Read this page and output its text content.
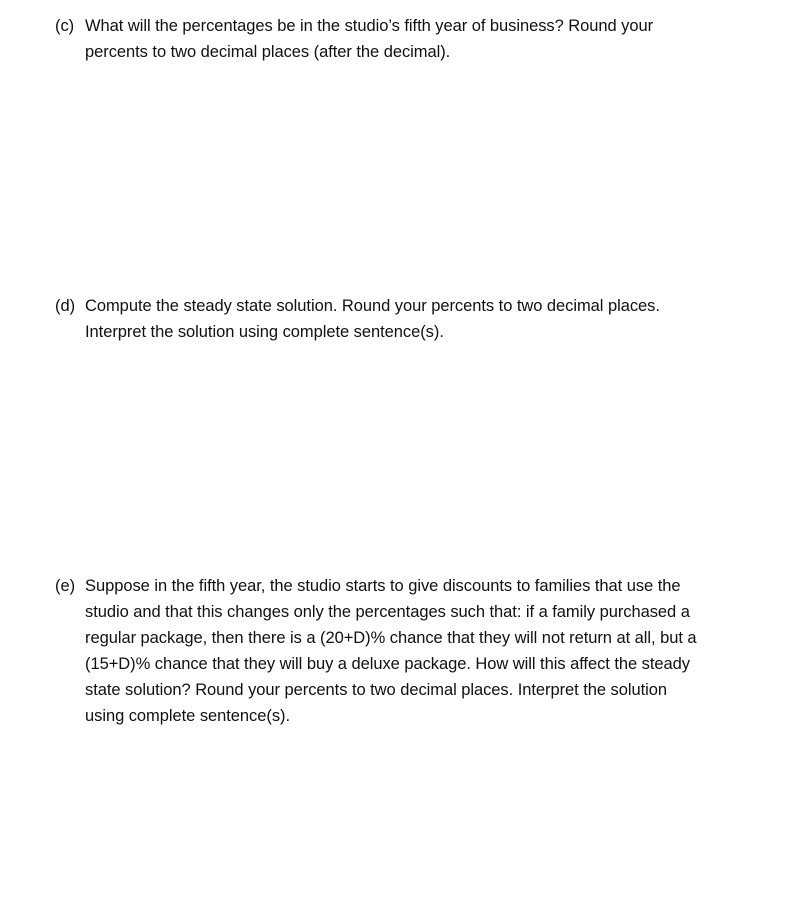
(c) What will the percentages be in the studio’s fifth year of business? Round your
percents to two decimal places (after the decimal).
(d) Compute the steady state solution. Round your percents to two decimal places.
Interpret the solution using complete sentence(s).
(e) Suppose in the fifth year, the studio starts to give discounts to families that use the
studio and that this changes only the percentages such that: if a family purchased a
regular package, then there is a (20+D)% chance that they will not return at all, but a
(15+D)% chance that they will buy a deluxe package. How will this affect the steady
state solution? Round your percents to two decimal places. Interpret the solution
using complete sentence(s).
